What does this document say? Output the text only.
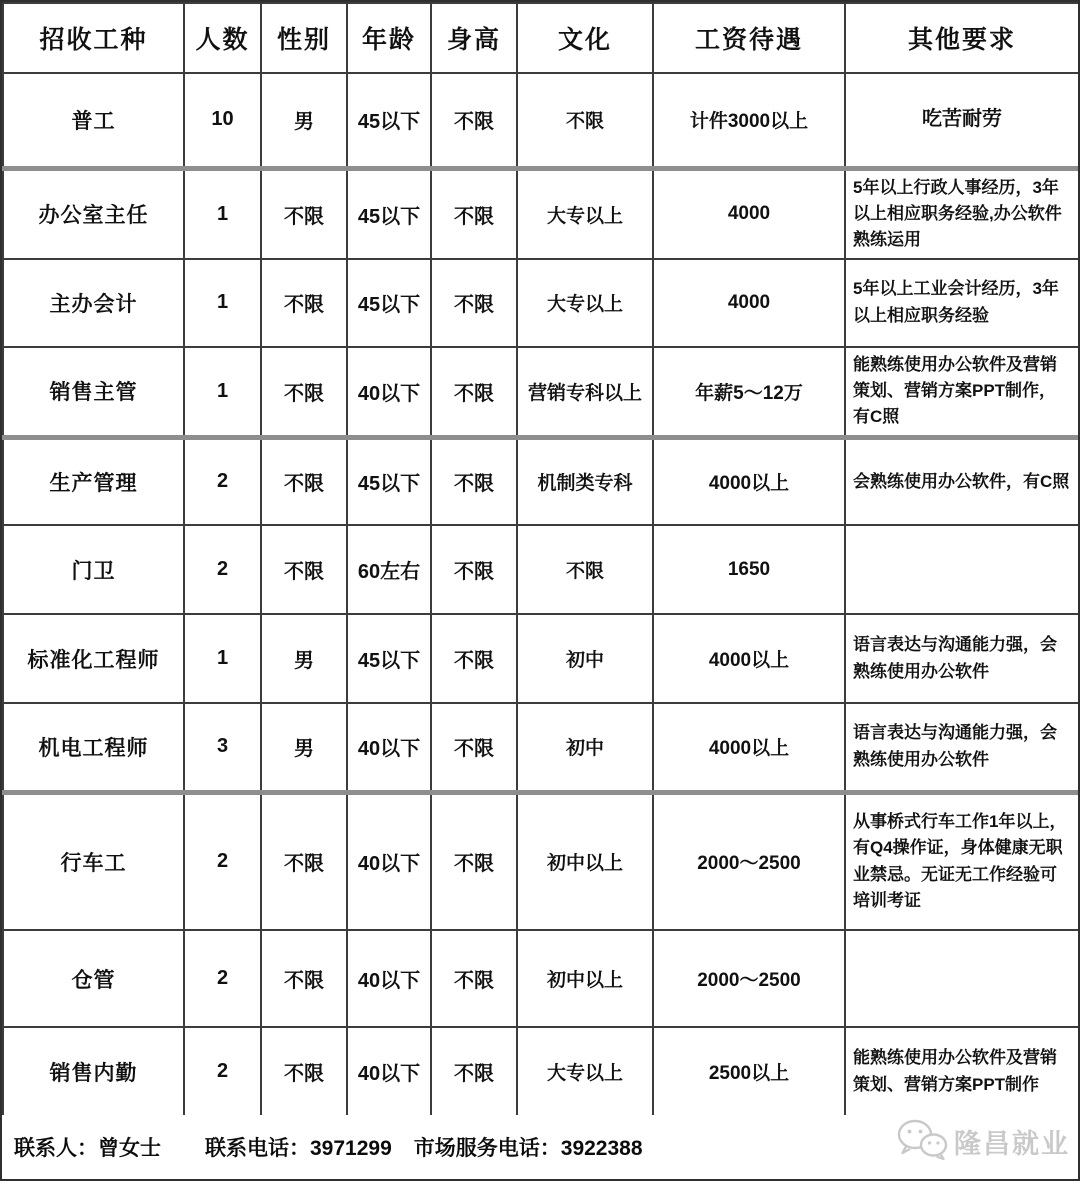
招收工种	人数	性别	年龄	身高	文化	工资待遇	其他要求
普工	10	男	45以下	不限	不限	计件3000以上	吃苦耐劳
办公室主任	1	不限	45以下	不限	大专以上	4000	5年以上行政人事经历，3年以上相应职务经验,办公软件熟练运用
主办会计	1	不限	45以下	不限	大专以上	4000	5年以上工业会计经历，3年以上相应职务经验
销售主管	1	不限	40以下	不限	营销专科以上	年薪5～12万	能熟练使用办公软件及营销策划、营销方案PPT制作，有C照
生产管理	2	不限	45以下	不限	机制类专科	4000以上	会熟练使用办公软件，有C照
门卫	2	不限	60左右	不限	不限	1650	
标准化工程师	1	男	45以下	不限	初中	4000以上	语言表达与沟通能力强，会熟练使用办公软件
机电工程师	3	男	40以下	不限	初中	4000以上	语言表达与沟通能力强，会熟练使用办公软件
行车工	2	不限	40以下	不限	初中以上	2000～2500	从事桥式行车工作1年以上，有Q4操作证，身体健康无职业禁忌。无证无工作经验可培训考证
仓管	2	不限	40以下	不限	初中以上	2000～2500	
销售内勤	2	不限	40以下	不限	大专以上	2500以上	能熟练使用办公软件及营销策划、营销方案PPT制作
联系人：曾女士 联系电话：3971299 市场服务电话：3922388	隆昌就业
